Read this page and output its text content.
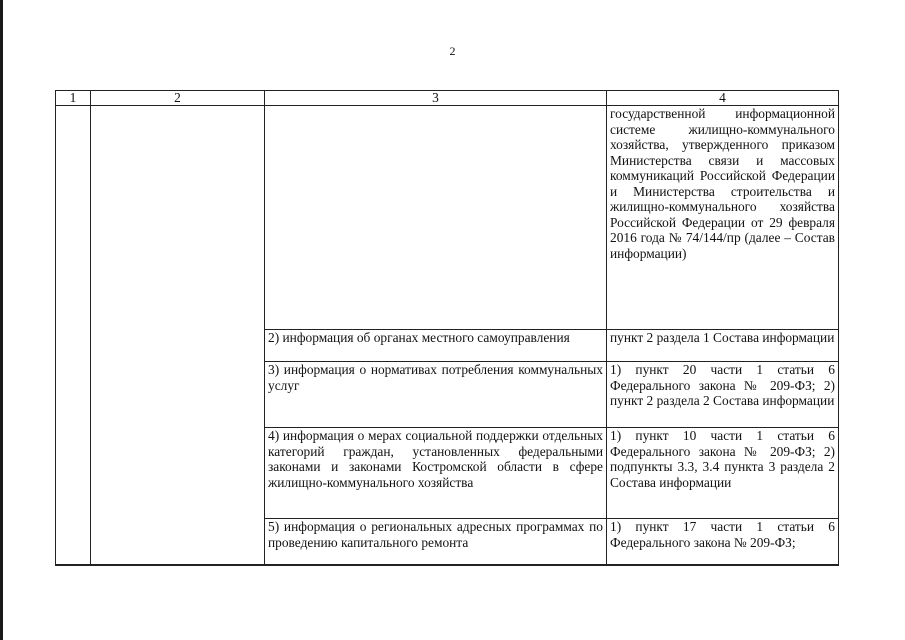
2
1	2	3	4
			государственной информационной системе жилищно-коммунального хозяйства, утвержденного приказом Министерства связи и массовых коммуникаций Российской Федерации и Министерства строительства и жилищно-коммунального хозяйства Российской Федерации от 29 февраля 2016 года № 74/144/пр (далее – Состав информации)
		2) информация об органах местного самоуправления	пункт 2 раздела 1 Состава информации
		3) информация о нормативах потребления коммунальных услуг	1) пункт 20 части 1 статьи 6 Федерального закона № 209-ФЗ; 2) пункт 2 раздела 2 Состава информации
		4) информация о мерах социальной поддержки отдельных категорий граждан, установленных федеральными законами и законами Костромской области в сфере жилищно-коммунального хозяйства	1) пункт 10 части 1 статьи 6 Федерального закона № 209-ФЗ; 2) подпункты 3.3, 3.4 пункта 3 раздела 2 Состава информации
		5) информация о региональных адресных программах по проведению капитального ремонта	1) пункт 17 части 1 статьи 6 Федерального закона № 209-ФЗ;
